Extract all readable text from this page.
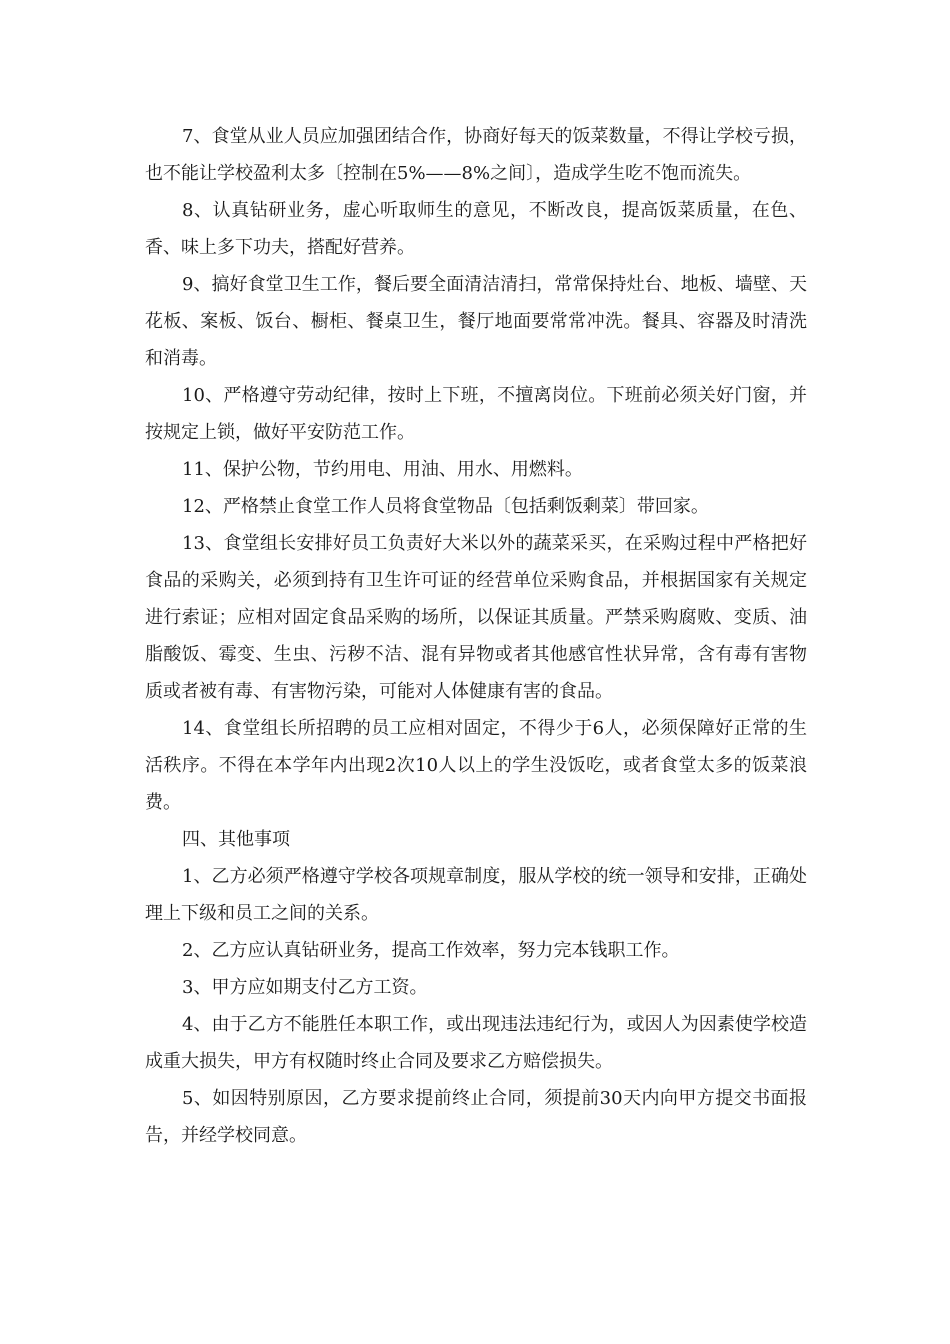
7、食堂从业人员应加强团结合作，协商好每天的饭菜数量，不得让学校亏损，也不能让学校盈利太多〔控制在5%——8%之间〕，造成学生吃不饱而流失。

8、认真钻研业务，虚心听取师生的意见，不断改良，提高饭菜质量，在色、香、味上多下功夫，搭配好营养。

9、搞好食堂卫生工作，餐后要全面清洁清扫，常常保持灶台、地板、墙壁、天花板、案板、饭台、橱柜、餐桌卫生，餐厅地面要常常冲洗。餐具、容器及时清洗和消毒。

10、严格遵守劳动纪律，按时上下班，不擅离岗位。下班前必须关好门窗，并按规定上锁，做好平安防范工作。

11、保护公物，节约用电、用油、用水、用燃料。

12、严格禁止食堂工作人员将食堂物品〔包括剩饭剩菜〕带回家。

13、食堂组长安排好员工负责好大米以外的蔬菜采买，在采购过程中严格把好食品的采购关，必须到持有卫生许可证的经营单位采购食品，并根据国家有关规定进行索证；应相对固定食品采购的场所，以保证其质量。严禁采购腐败、变质、油脂酸饭、霉变、生虫、污秽不洁、混有异物或者其他感官性状异常，含有毒有害物质或者被有毒、有害物污染，可能对人体健康有害的食品。

14、食堂组长所招聘的员工应相对固定，不得少于6人，必须保障好正常的生活秩序。不得在本学年内出现2次10人以上的学生没饭吃，或者食堂太多的饭菜浪费。

四、其他事项

1、乙方必须严格遵守学校各项规章制度，服从学校的统一领导和安排，正确处理上下级和员工之间的关系。

2、乙方应认真钻研业务，提高工作效率，努力完本钱职工作。

3、甲方应如期支付乙方工资。

4、由于乙方不能胜任本职工作，或出现违法违纪行为，或因人为因素使学校造成重大损失，甲方有权随时终止合同及要求乙方赔偿损失。

5、如因特别原因，乙方要求提前终止合同，须提前30天内向甲方提交书面报告，并经学校同意。
